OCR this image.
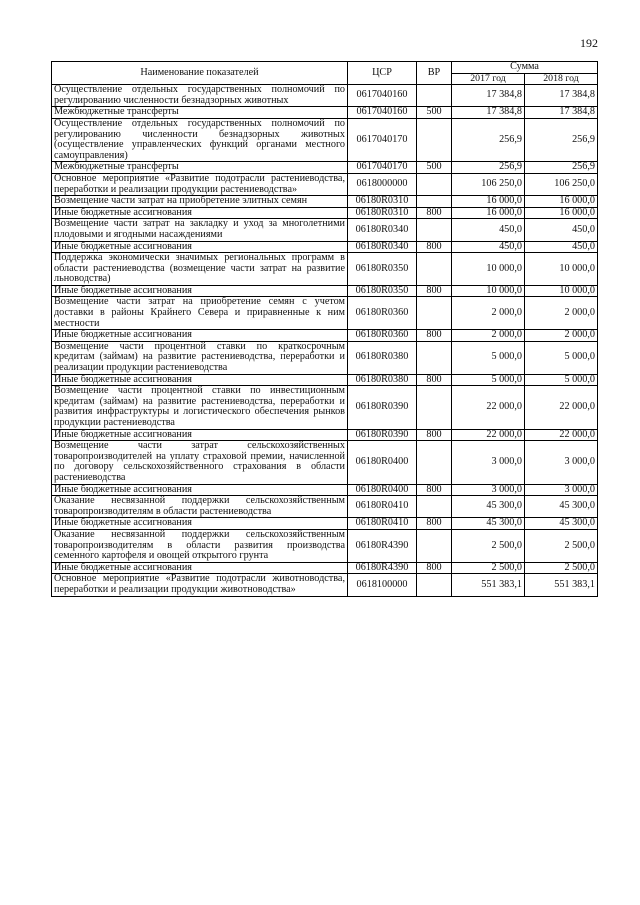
192
Наименование показателей	ЦСР	ВР	Сумма	
			2017 год	2018 год
Осуществление отдельных государственных полномочий по регулированию численности безнадзорных животных	0617040160		17 384,8	17 384,8
Межбюджетные трансферты	0617040160	500	17 384,8	17 384,8
Осуществление отдельных государственных полномочий по регулированию численности безнадзорных животных (осуществление управленческих функций органами местного самоуправления)	0617040170		256,9	256,9
Межбюджетные трансферты	0617040170	500	256,9	256,9
Основное мероприятие «Развитие подотрасли растениеводства, переработки и реализации продукции растениеводства»	0618000000		106 250,0	106 250,0
Возмещение части затрат на приобретение элитных семян	06180R0310		16 000,0	16 000,0
Иные бюджетные ассигнования	06180R0310	800	16 000,0	16 000,0
Возмещение части затрат на закладку и уход за многолетними плодовыми и ягодными насаждениями	06180R0340		450,0	450,0
Иные бюджетные ассигнования	06180R0340	800	450,0	450,0
Поддержка экономически значимых региональных программ в области растениеводства (возмещение части затрат на развитие льноводства)	06180R0350		10 000,0	10 000,0
Иные бюджетные ассигнования	06180R0350	800	10 000,0	10 000,0
Возмещение части затрат на приобретение семян с учетом доставки в районы Крайнего Севера и приравненные к ним местности	06180R0360		2 000,0	2 000,0
Иные бюджетные ассигнования	06180R0360	800	2 000,0	2 000,0
Возмещение части процентной ставки по краткосрочным кредитам (займам) на развитие растениеводства, переработки и реализации продукции растениеводства	06180R0380		5 000,0	5 000,0
Иные бюджетные ассигнования	06180R0380	800	5 000,0	5 000,0
Возмещение части процентной ставки по инвестиционным кредитам (займам) на развитие растениеводства, переработки и развития инфраструктуры и логистического обеспечения рынков продукции растениеводства	06180R0390		22 000,0	22 000,0
Иные бюджетные ассигнования	06180R0390	800	22 000,0	22 000,0
Возмещение части затрат сельскохозяйственных товаропроизводителей на уплату страховой премии, начисленной по договору сельскохозяйственного страхования в области растениеводства	06180R0400		3 000,0	3 000,0
Иные бюджетные ассигнования	06180R0400	800	3 000,0	3 000,0
Оказание несвязанной поддержки сельскохозяйственным товаропроизводителям в области растениеводства	06180R0410		45 300,0	45 300,0
Иные бюджетные ассигнования	06180R0410	800	45 300,0	45 300,0
Оказание несвязанной поддержки сельскохозяйственным товаропроизводителям в области развития производства семенного картофеля и овощей открытого грунта	06180R4390		2 500,0	2 500,0
Иные бюджетные ассигнования	06180R4390	800	2 500,0	2 500,0
Основное мероприятие «Развитие подотрасли животноводства, переработки и реализации продукции животноводства»	0618100000		551 383,1	551 383,1
